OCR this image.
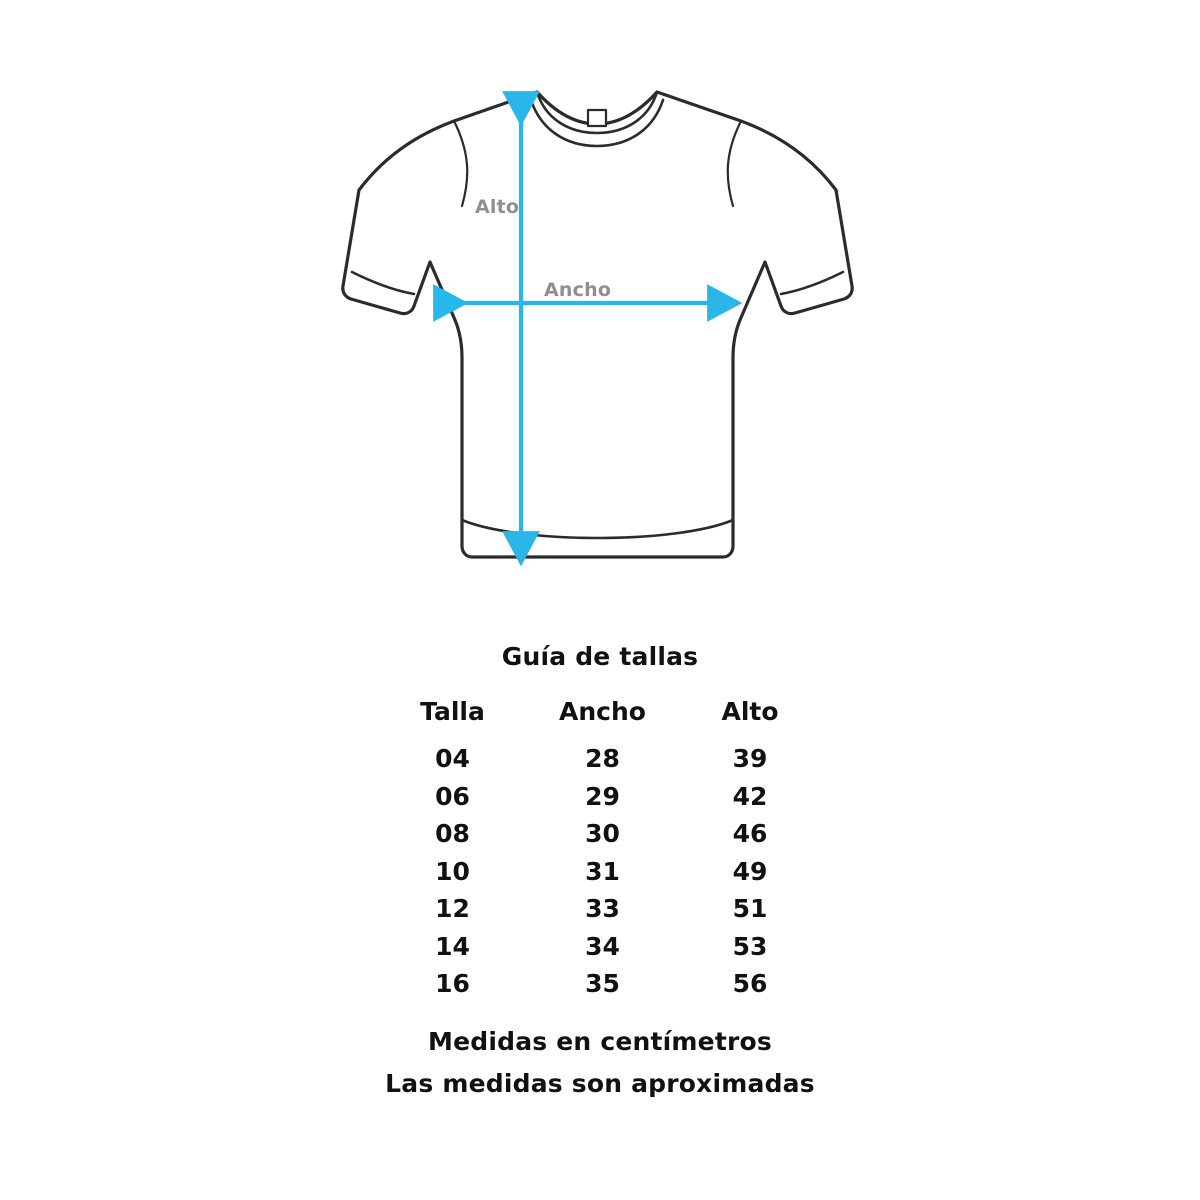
Alto
Ancho
Guía de tallas
Talla	Ancho	Alto
04	28	39
06	29	42
08	30	46
10	31	49
12	33	51
14	34	53
16	35	56
Medidas en centímetros
Las medidas son aproximadas
